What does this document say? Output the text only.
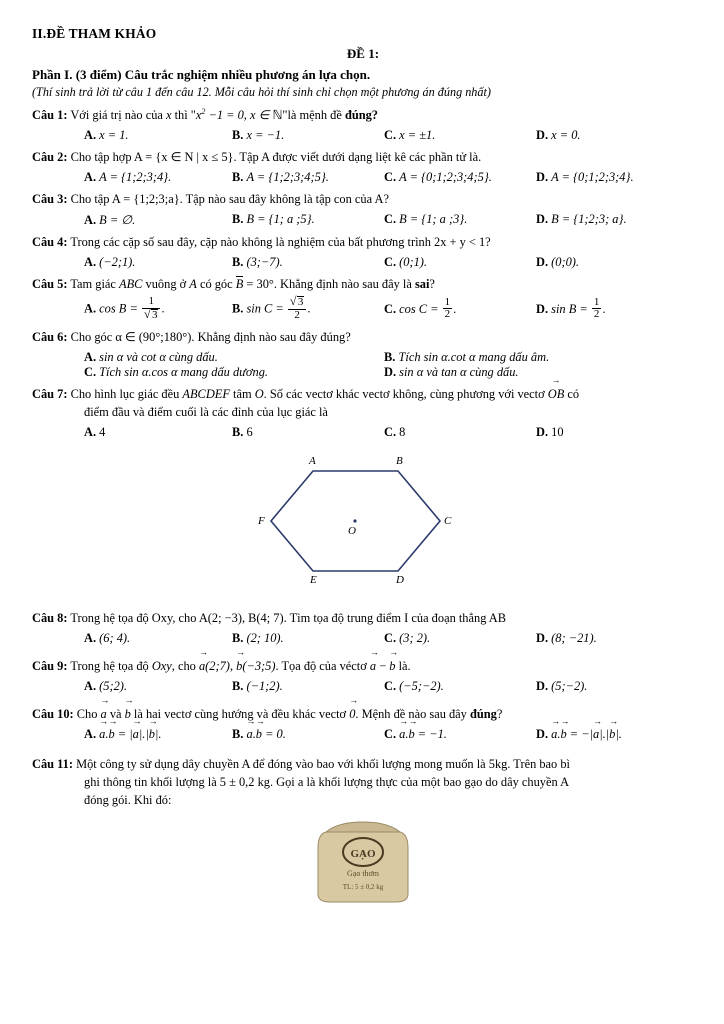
II.ĐỀ THAM KHẢO
ĐỀ 1:
Phần I. (3 điểm) Câu trắc nghiệm nhiều phương án lựa chọn.
(Thí sinh trả lời từ câu 1 đến câu 12. Mỗi câu hỏi thí sinh chỉ chọn một phương án đúng nhất)
Câu 1: Với giá trị nào của x thì "$x^2 -1 = 0$, x ∈ ℕ"là mệnh đề đúng?
A. x = 1.	B. x = −1.	C. x = ±1.	D. x = 0.
Câu 2: Cho tập hợp A = {x ∈ N | x ≤ 5}. Tập A được viết dưới dạng liệt kê các phần tử là.
A. A = {1;2;3;4}.	B. A = {1;2;3;4;5}.	C. A = {0;1;2;3;4;5}.	D. A = {0;1;2;3;4}.
Câu 3: Cho tập A = {1;2;3;a}. Tập nào sau đây không là tập con của A?
A. B = ∅.	B. B = {1; a ;5}.	C. B = {1; a ;3}.	D. B = {1;2;3; a}.
Câu 4: Trong các cặp số sau đây, cặp nào không là nghiệm của bất phương trình 2x + y < 1?
A. (−2;1).	B. (3;−7).	C. (0;1).	D. (0;0).
Câu 5: Tam giác ABC vuông ở A có góc B = 30°. Khẳng định nào sau đây là sai?
A. cos B = 1
√ 3 .	B. sin C = √ $\frac{3}{2}$ .	C. $\cos C = \frac{1}{2}$ .	D. $\sin B = \frac{1}{2}$ .
Câu 6: Cho góc α ∈ (90°;180°). Khẳng định nào sau đây đúng?
A. sin α và cot α cùng dấu.	B. Tích sin α.cot α mang dấu âm.
C. Tích sin α.cos α mang dấu dương.	D. sin α và tan α cùng dấu.
Câu 7: Cho hình lục giác đều ABCDEF tâm O. Số các vectơ khác vectơ không, cùng phương với vectơ OB → có
điểm đầu và điểm cuối là các đỉnh của lục giác là
A. 4	B. 6	C. 8	D. 10
A	B
C
D
E
F
O
Câu 8: Trong hệ tọa độ Oxy, cho A(2; −3), B(4; 7). Tìm tọa độ trung điểm I của đoạn thẳng AB
A. (6; 4).	B. (2; 10).	C. (3; 2).	D. (8; −21).
Câu 9: Trong hệ tọa độ Oxy, cho a →(2;7), b →(−3;5). Tọa độ của véctơ a → − b → là.
A. (5;2).	B. (−1;2).	C. (−5;−2).	D. (5;−2).
Câu 10: Cho a → và b → là hai vectơ cùng hướng và đều khác vectơ 0 →. Mệnh đề nào sau đây đúng?
A. a →.b → = |a →|.|b →|.	B. a →.b → = 0.	C. a →.b → = −1.	D. a →.b → = −|a →|.|b →|.
Câu 11: Một công ty sử dụng dây chuyền A để đóng vào bao với khối lượng mong muốn là 5kg. Trên bao bì
ghi thông tin khối lượng là 5 ± 0,2 kg. Gọi a là khối lượng thực của một bao gạo do dây chuyền A
đóng gói. Khi đó:
GẠO
Gạo thơm
TL: 5 ± 0,2 kg
